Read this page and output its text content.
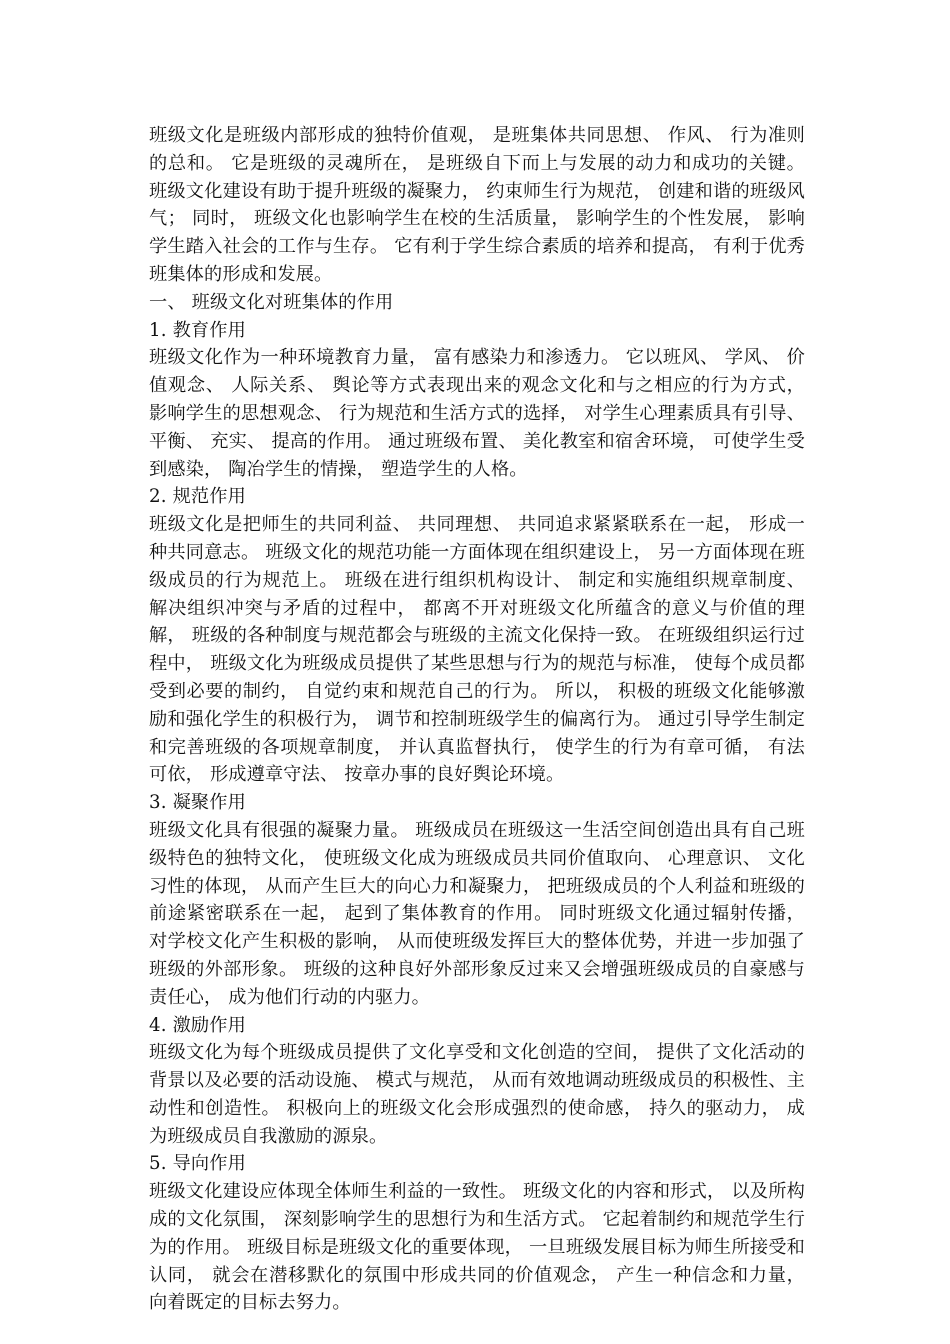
班级文化是班级内部形成的独特价值观， 是班集体共同思想、 作风、 行为准则的总和。 它是班级的灵魂所在， 是班级自下而上与发展的动力和成功的关键。 班级文化建设有助于提升班级的凝聚力， 约束师生行为规范， 创建和谐的班级风气； 同时， 班级文化也影响学生在校的生活质量， 影响学生的个性发展， 影响学生踏入社会的工作与生存。 它有利于学生综合素质的培养和提高， 有利于优秀班集体的形成和发展。

一、 班级文化对班集体的作用

1. 教育作用

班级文化作为一种环境教育力量， 富有感染力和渗透力。 它以班风、 学风、 价值观念、 人际关系、 舆论等方式表现出来的观念文化和与之相应的行为方式， 影响学生的思想观念、 行为规范和生活方式的选择， 对学生心理素质具有引导、 平衡、 充实、 提高的作用。 通过班级布置、 美化教室和宿舍环境， 可使学生受到感染， 陶冶学生的情操， 塑造学生的人格。

2. 规范作用

班级文化是把师生的共同利益、 共同理想、 共同追求紧紧联系在一起， 形成一种共同意志。 班级文化的规范功能一方面体现在组织建设上， 另一方面体现在班级成员的行为规范上。 班级在进行组织机构设计、 制定和实施组织规章制度、 解决组织冲突与矛盾的过程中， 都离不开对班级文化所蕴含的意义与价值的理解， 班级的各种制度与规范都会与班级的主流文化保持一致。 在班级组织运行过程中， 班级文化为班级成员提供了某些思想与行为的规范与标准， 使每个成员都受到必要的制约， 自觉约束和规范自己的行为。 所以， 积极的班级文化能够激励和强化学生的积极行为， 调节和控制班级学生的偏离行为。 通过引导学生制定和完善班级的各项规章制度， 并认真监督执行， 使学生的行为有章可循， 有法可依， 形成遵章守法、 按章办事的良好舆论环境。

3. 凝聚作用

班级文化具有很强的凝聚力量。 班级成员在班级这一生活空间创造出具有自己班级特色的独特文化， 使班级文化成为班级成员共同价值取向、 心理意识、 文化习性的体现， 从而产生巨大的向心力和凝聚力， 把班级成员的个人利益和班级的前途紧密联系在一起， 起到了集体教育的作用。 同时班级文化通过辐射传播， 对学校文化产生积极的影响， 从而使班级发挥巨大的整体优势，并进一步加强了班级的外部形象。 班级的这种良好外部形象反过来又会增强班级成员的自豪感与责任心， 成为他们行动的内驱力。

4. 激励作用

班级文化为每个班级成员提供了文化享受和文化创造的空间， 提供了文化活动的背景以及必要的活动设施、 模式与规范， 从而有效地调动班级成员的积极性、主动性和创造性。 积极向上的班级文化会形成强烈的使命感， 持久的驱动力， 成为班级成员自我激励的源泉。

5. 导向作用

班级文化建设应体现全体师生利益的一致性。 班级文化的内容和形式， 以及所构成的文化氛围， 深刻影响学生的思想行为和生活方式。 它起着制约和规范学生行为的作用。 班级目标是班级文化的重要体现， 一旦班级发展目标为师生所接受和认同， 就会在潜移默化的氛围中形成共同的价值观念， 产生一种信念和力量， 向着既定的目标去努力。
